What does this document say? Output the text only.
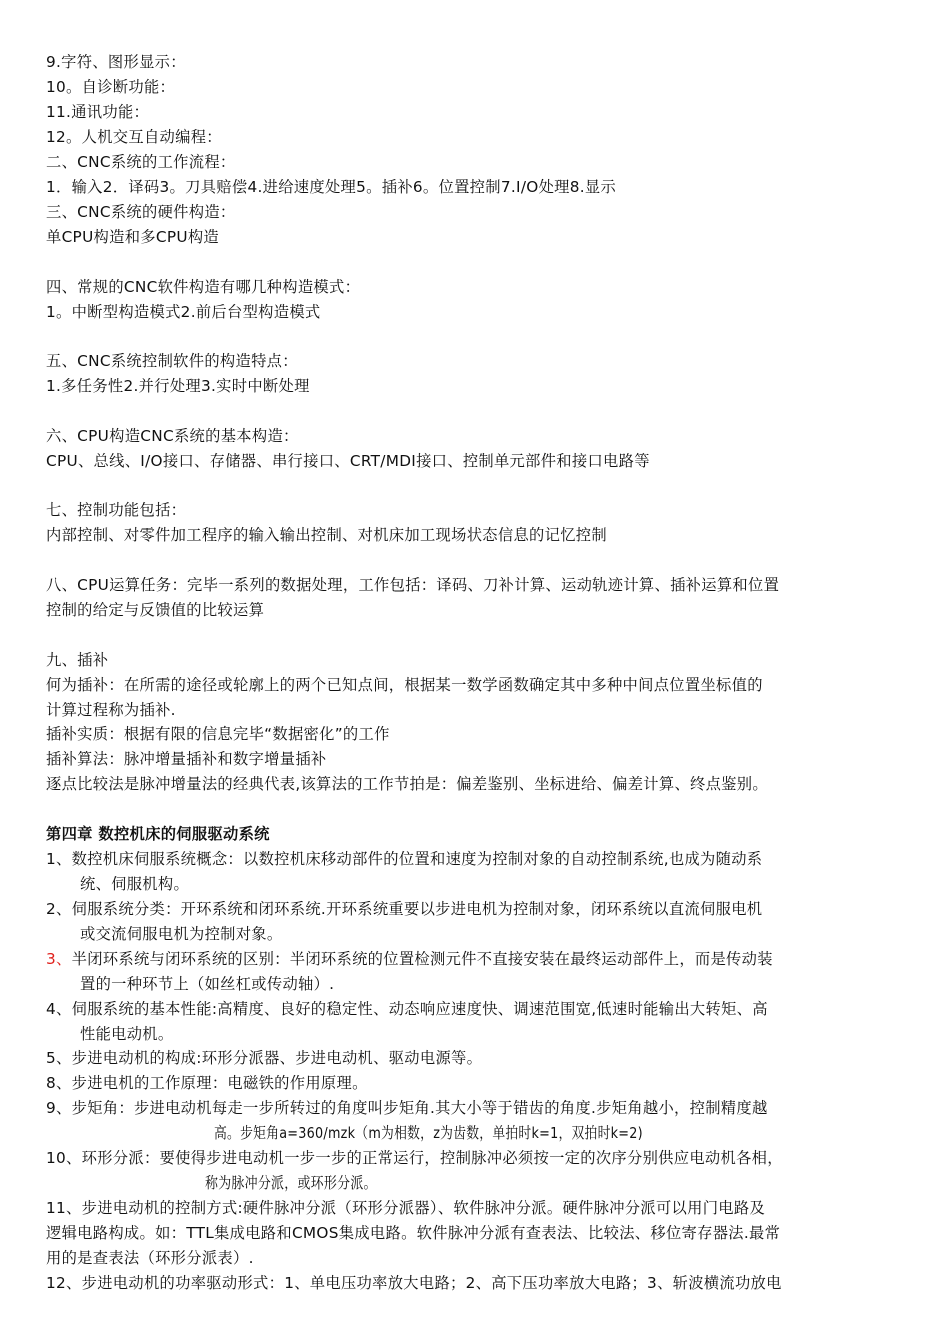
9.字符、图形显示：
10。自诊断功能：
11.通讯功能：
12。人机交互自动编程：
二、CNC系统的工作流程：
1．输入2．译码3。刀具赔偿4.进给速度处理5。插补6。位置控制7.I/O处理8.显示
三、CNC系统的硬件构造：
单CPU构造和多CPU构造
四、常规的CNC软件构造有哪几种构造模式：
1。中断型构造模式2.前后台型构造模式
五、CNC系统控制软件的构造特点：
1.多任务性2.并行处理3.实时中断处理
六、CPU构造CNC系统的基本构造：
CPU、总线、I/O接口、存储器、串行接口、CRT/MDI接口、控制单元部件和接口电路等
七、控制功能包括：
内部控制、对零件加工程序的输入输出控制、对机床加工现场状态信息的记忆控制
八、CPU运算任务：完毕一系列的数据处理，工作包括：译码、刀补计算、运动轨迹计算、插补运算和位置
控制的给定与反馈值的比较运算
九、插补
何为插补：在所需的途径或轮廓上的两个已知点间，根据某一数学函数确定其中多种中间点位置坐标值的
计算过程称为插补.
插补实质：根据有限的信息完毕“数据密化”的工作
插补算法：脉冲增量插补和数字增量插补
逐点比较法是脉冲增量法的经典代表,该算法的工作节拍是：偏差鉴别、坐标进给、偏差计算、终点鉴别。
第四章 数控机床的伺服驱动系统
1、数控机床伺服系统概念：以数控机床移动部件的位置和速度为控制对象的自动控制系统,也成为随动系
统、伺服机构。
2、伺服系统分类：开环系统和闭环系统.开环系统重要以步进电机为控制对象，闭环系统以直流伺服电机
或交流伺服电机为控制对象。
3、半闭环系统与闭环系统的区别：半闭环系统的位置检测元件不直接安装在最终运动部件上，而是传动装
置的一种环节上（如丝杠或传动轴）.
4、伺服系统的基本性能:高精度、良好的稳定性、动态响应速度快、调速范围宽,低速时能输出大转矩、高
性能电动机。
5、步进电动机的构成:环形分派器、步进电动机、驱动电源等。
8、步进电机的工作原理：电磁铁的作用原理。
9、步矩角：步进电动机每走一步所转过的角度叫步矩角.其大小等于错齿的角度.步矩角越小，控制精度越
高。步矩角a=360/mzk（m为相数，z为齿数，单拍时k=1，双拍时k=2)
10、环形分派：要使得步进电动机一步一步的正常运行，控制脉冲必须按一定的次序分别供应电动机各相，
称为脉冲分派，或环形分派。
11、步进电动机的控制方式:硬件脉冲分派（环形分派器）、软件脉冲分派。硬件脉冲分派可以用门电路及
逻辑电路构成。如：TTL集成电路和CMOS集成电路。软件脉冲分派有查表法、比较法、移位寄存器法.最常
用的是查表法（环形分派表）.
12、步进电动机的功率驱动形式：1、单电压功率放大电路；2、高下压功率放大电路；3、斩波横流功放电
